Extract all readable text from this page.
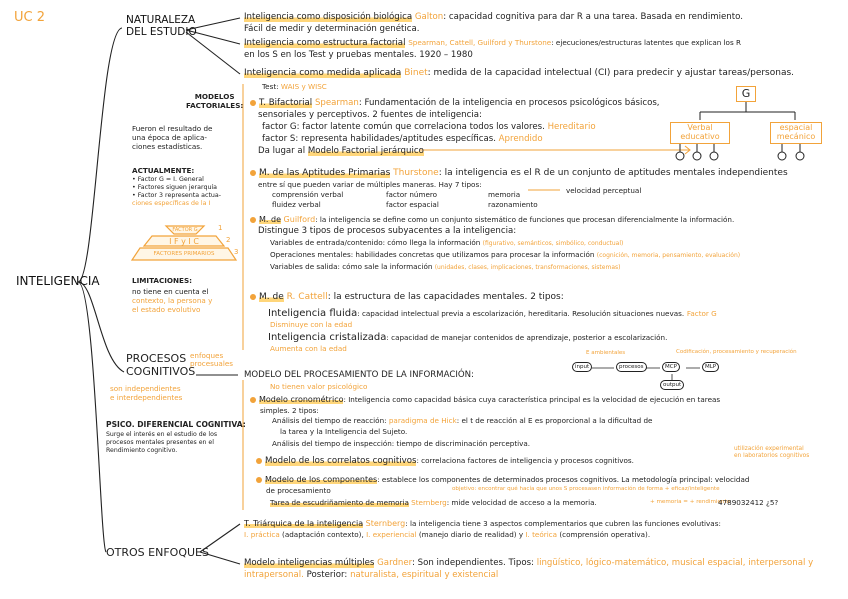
UC 2
INTELIGENCIA
NATURALEZA
DEL ESTUDIO
Inteligencia como disposición biológica Galton: capacidad cognitiva para dar R a una tarea. Basada en rendimiento.
Fácil de medir y determinación genética.
Inteligencia como estructura factorial Spearman, Cattell, Guilford y Thurstone: ejecuciones/estructuras latentes que explican los R
en los S en los Test y pruebas mentales. 1920 – 1980
Inteligencia como medida aplicada Binet: medida de la capacidad intelectual (CI) para predecir y ajustar tareas/personas.
Test: WAIS y WISC
MODELOS
FACTORIALES:
Fueron el resultado de
una época de aplica-
ciones estadísticas.
T. Bifactorial Spearman: Fundamentación de la inteligencia en procesos psicológicos básicos,
sensoriales y perceptivos. 2 fuentes de inteligencia:
factor G: factor latente común que correlaciona todos los valores. Hereditario
factor S: representa habilidades/aptitudes específicas. Aprendido
Da lugar al Modelo Factorial jerárquico
G
Verbal
educativo
espacial
mecánico
ACTUALMENTE:
• Factor G = I. General
• Factores siguen jerarquía
• Factor 3 representa actua-
ciones específicas de la I
FACTOR G
I F y I C
FACTORES PRIMARIOS
1
2
3
M. de las Aptitudes Primarias Thurstone: la inteligencia es el R de un conjunto de aptitudes mentales independientes
entre sí que pueden variar de múltiples maneras. Hay 7 tipos:
comprensión verbal
fluidez verbal
factor número
factor espacial
memoria
razonamiento
velocidad perceptual
M. de Guilford: la inteligencia se define como un conjunto sistemático de funciones que procesan diferencialmente la información.
Distingue 3 tipos de procesos subyacentes a la inteligencia:
Variables de entrada/contenido: cómo llega la información (figurativo, semánticos, simbólico, conductual)
Operaciones mentales: habilidades concretas que utilizamos para procesar la información (cognición, memoria, pensamiento, evaluación)
Variables de salida: cómo sale la información (unidades, clases, implicaciones, transformaciones, sistemas)
LIMITACIONES:
no tiene en cuenta el
contexto, la persona y
el estado evolutivo
M. de R. Cattell: la estructura de las capacidades mentales. 2 tipos:
Inteligencia fluida: capacidad intelectual previa a escolarización, hereditaria. Resolución situaciones nuevas. Factor G
Disminuye con la edad
Inteligencia cristalizada: capacidad de manejar contenidos de aprendizaje, posterior a escolarización.
Aumenta con la edad
PROCESOS
COGNITIVOS
enfoques procesuales
son independientes
e interdependientes
PSICO. DIFERENCIAL COGNITIVA:
Surge el interés en el estudio de los
procesos mentales presentes en el
Rendimiento cognitivo.
MODELO DEL PROCESAMIENTO DE LA INFORMACIÓN:
No tienen valor psicológico
input
E ambientales
procesos	MCP	MLP
output
Codificación, procesamiento y recuperación
Modelo cronométrico: Inteligencia como capacidad básica cuya característica principal es la velocidad de ejecución en tareas
simples. 2 tipos:
Análisis del tiempo de reacción: paradigma de Hick: el t de reacción al E es proporcional a la dificultad de
la tarea y la Inteligencia del Sujeto.
Análisis del tiempo de inspección: tiempo de discriminación perceptiva.
Modelo de los correlatos cognitivos: correlaciona factores de inteligencia y procesos cognitivos.
utilización experimental
en laboratorios cognitivos
Modelo de los componentes: establece los componentes de determinados procesos cognitivos. La metodología principal: velocidad
de procesamiento	objetivo: encontrar qué hacía que unos S procesasen información de forma + eficaz/inteligente
Tarea de escudriñamiento de memoria Sternberg: mide velocidad de acceso a la memoria.	+ memoria = + rendimiento
4789032412 ¿5?
OTROS ENFOQUES
T. Triárquica de la inteligencia Sternberg: la inteligencia tiene 3 aspectos complementarios que cubren las funciones evolutivas:
I. práctica (adaptación contexto), I. experiencial (manejo diario de realidad) y I. teórica (comprensión operativa).
Modelo inteligencias múltiples Gardner: Son independientes. Tipos: lingüístico, lógico-matemático, musical espacial, interpersonal y
intrapersonal. Posterior: naturalista, espiritual y existencial
